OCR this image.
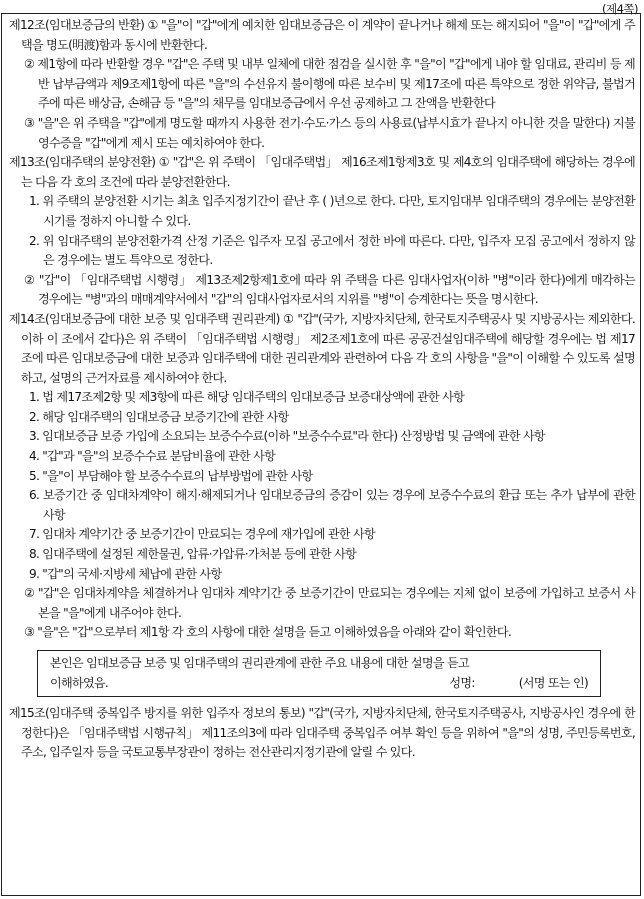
(제4쪽)

제12조(임대보증금의 반환) ① "을"이 "갑"에게 예치한 임대보증금은 이 계약이 끝나거나 해제 또는 해지되어 "을"이 "갑"에게 주택을 명도(明渡)함과 동시에 반환한다.

② 제1항에 따라 반환할 경우 "갑"은 주택 및 내부 일체에 대한 점검을 실시한 후 "을"이 "갑"에게 내야 할 임대료, 관리비 등 제반 납부금액과 제9조제1항에 따른 "을"의 수선유지 불이행에 따른 보수비 및 제17조에 따른 특약으로 정한 위약금, 불법거주에 따른 배상금, 손해금 등 "을"의 채무를 임대보증금에서 우선 공제하고 그 잔액을 반환한다

③ "을"은 위 주택을 "갑"에게 명도할 때까지 사용한 전기·수도·가스 등의 사용료(납부시효가 끝나지 아니한 것을 말한다) 지불 영수증을 "갑"에게 제시 또는 예치하여야 한다.

제13조(임대주택의 분양전환) ① "갑"은 위 주택이 「임대주택법」 제16조제1항제3호 및 제4호의 임대주택에 해당하는 경우에는 다음 각 호의 조건에 따라 분양전환한다.

1. 위 주택의 분양전환 시기는 최초 입주지정기간이 끝난 후 ( )년으로 한다. 다만, 토지임대부 임대주택의 경우에는 분양전환 시기를 정하지 아니할 수 있다.

2. 위 임대주택의 분양전환가격 산정 기준은 입주자 모집 공고에서 정한 바에 따른다. 다만, 입주자 모집 공고에서 정하지 않은 경우에는 별도 특약으로 정한다.

② "갑"이 「임대주택법 시행령」 제13조제2항제1호에 따라 위 주택을 다른 임대사업자(이하 "병"이라 한다)에게 매각하는 경우에는 "병"과의 매매계약서에서 "갑"의 임대사업자로서의 지위를 "병"이 승계한다는 뜻을 명시한다.

제14조(임대보증금에 대한 보증 및 임대주택 권리관계) ① "갑"(국가, 지방자치단체, 한국토지주택공사 및 지방공사는 제외한다. 이하 이 조에서 같다)은 위 주택이 「임대주택법 시행령」 제2조제1호에 따른 공공건설임대주택에 해당할 경우에는 법 제17조에 따른 임대보증금에 대한 보증과 임대주택에 대한 권리관계와 관련하여 다음 각 호의 사항을 "을"이 이해할 수 있도록 설명하고, 설명의 근거자료를 제시하여야 한다.

1. 법 제17조제2항 및 제3항에 따른 해당 임대주택의 임대보증금 보증대상액에 관한 사항

2. 해당 임대주택의 임대보증금 보증기간에 관한 사항

3. 임대보증금 보증 가입에 소요되는 보증수수료(이하 "보증수수료"라 한다) 산정방법 및 금액에 관한 사항

4. "갑"과 "을"의 보증수수료 분담비율에 관한 사항

5. "을"이 부담해야 할 보증수수료의 납부방법에 관한 사항

6. 보증기간 중 임대차계약이 해지·해제되거나 임대보증금의 증감이 있는 경우에 보증수수료의 환급 또는 추가 납부에 관한 사항

7. 임대차 계약기간 중 보증기간이 만료되는 경우에 재가입에 관한 사항

8. 임대주택에 설정된 제한물권, 압류·가압류·가처분 등에 관한 사항

9. "갑"의 국세·지방세 체납에 관한 사항

② "갑"은 임대차계약을 체결하거나 임대차 계약기간 중 보증기간이 만료되는 경우에는 지체 없이 보증에 가입하고 보증서 사본을 "을"에게 내주어야 한다.

③ "을"은 "갑"으로부터 제1항 각 호의 사항에 대한 설명을 듣고 이해하였음을 아래와 같이 확인한다.

본인은 임대보증금 보증 및 임대주택의 권리관계에 관한 주요 내용에 대한 설명을 듣고
이해하였음.	성명:	(서명 또는 인)

제15조(임대주택 중복입주 방지를 위한 입주자 정보의 통보) "갑"(국가, 지방자치단체, 한국토지주택공사, 지방공사인 경우에 한정한다)은 「임대주택법 시행규칙」 제11조의3에 따라 임대주택 중복입주 여부 확인 등을 위하여 "을"의 성명, 주민등록번호, 주소, 입주일자 등을 국토교통부장관이 정하는 전산관리지정기관에 알릴 수 있다.
